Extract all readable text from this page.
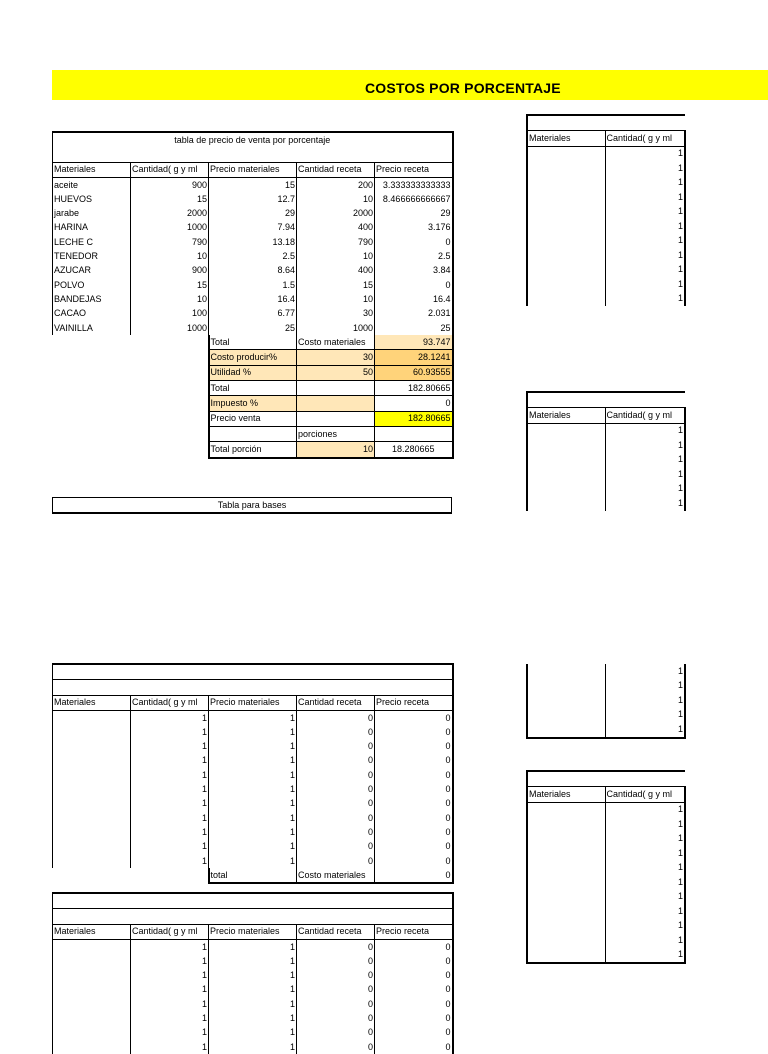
COSTOS POR PORCENTAJE
tabla de precio de venta por porcentaje				

Materiales	Cantidad( g y ml	Precio materiales	Cantidad receta	Precio receta
aceite	900	15	200	3.333333333333
HUEVOS	15	12.7	10	8.466666666667
jarabe	2000	29	2000	29
HARINA	1000	7.94	400	3.176
LECHE C	790	13.18	790	0
TENEDOR	10	2.5	10	2.5
AZUCAR	900	8.64	400	3.84
POLVO	15	1.5	15	0
BANDEJAS	10	16.4	10	16.4
CACAO	100	6.77	30	2.031
VAINILLA	1000	25	1000	25
		Total	Costo materiales	93.747
		Costo producir%	30	28.1241
		Utilidad %	50	60.93555
		Total		182.80665
		Impuesto %		0
		Precio venta		182.80665
			porciones	
		Total porción	10	18.280665
Tabla para bases

Materiales	Cantidad( g y ml	Precio materiales	Cantidad receta	Precio receta
	1	1	0	0
	1	1	0	0
	1	1	0	0
	1	1	0	0
	1	1	0	0
	1	1	0	0
	1	1	0	0
	1	1	0	0
	1	1	0	0
	1	1	0	0
	1	1	0	0
		total	Costo materiales	0

Materiales	Cantidad( g y ml	Precio materiales	Cantidad receta	Precio receta
	1	1	0	0
	1	1	0	0
	1	1	0	0
	1	1	0	0
	1	1	0	0
	1	1	0	0
	1	1	0	0
	1	1	0	0

Materiales	Cantidad( g y ml
	1
	1
	1
	1
	1
	1
	1
	1
	1
	1
	1

Materiales	Cantidad( g y ml
	1
	1
	1
	1
	1
	1
	1
	1
	1
	1
	1

Materiales	Cantidad( g y ml
	1
	1
	1
	1
	1
	1
	1
	1
	1
	1
	1
